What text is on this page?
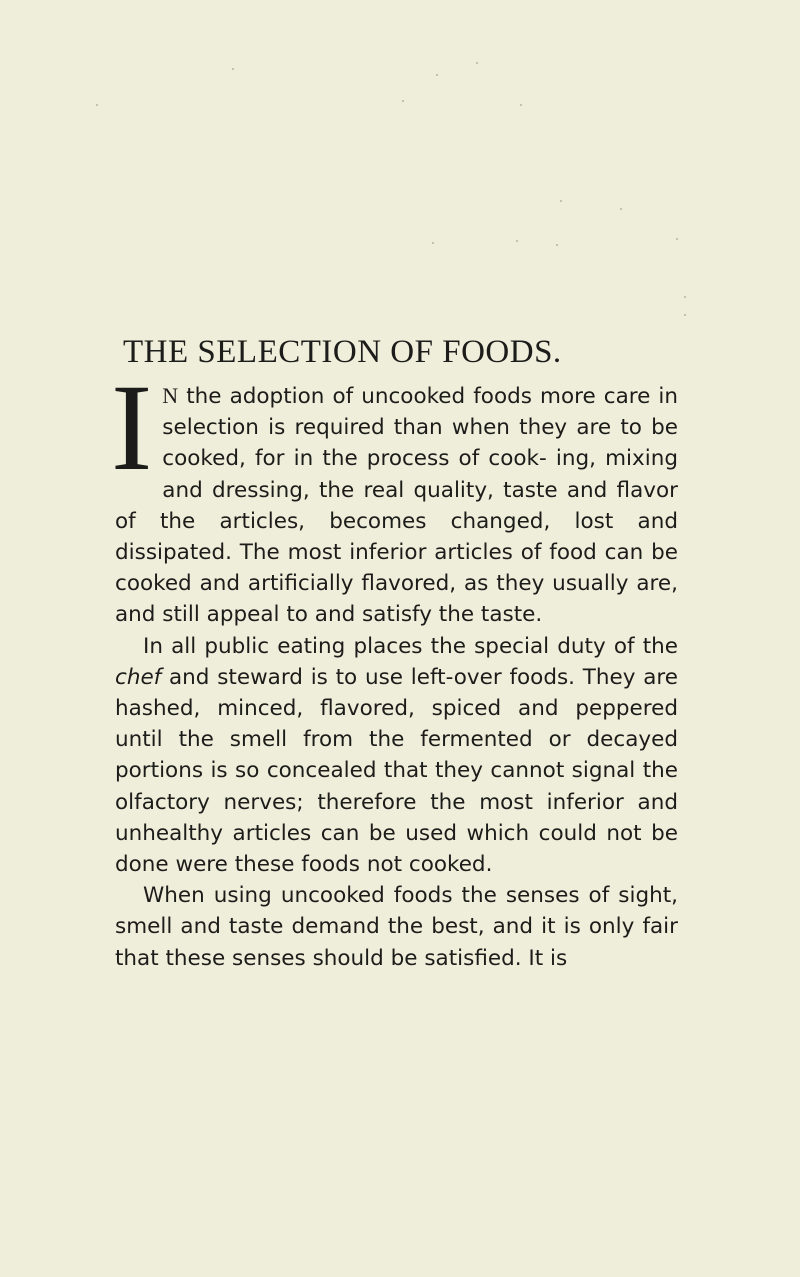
THE SELECTION OF FOODS.

I N the adoption of uncooked foods more care in selection is required than when they are to be cooked, for in the process of cook- ing, mixing and dressing, the real quality, taste and flavor of the articles, becomes changed, lost and dissipated. The most inferior articles of food can be cooked and artificially flavored, as they usually are, and still appeal to and satisfy the taste.

In all public eating places the special duty of the chef and steward is to use left-over foods. They are hashed, minced, flavored, spiced and peppered until the smell from the fermented or decayed portions is so concealed that they cannot signal the olfactory nerves; therefore the most inferior and unhealthy articles can be used which could not be done were these foods not cooked.

When using uncooked foods the senses of sight, smell and taste demand the best, and it is only fair that these senses should be satisfied. It is
